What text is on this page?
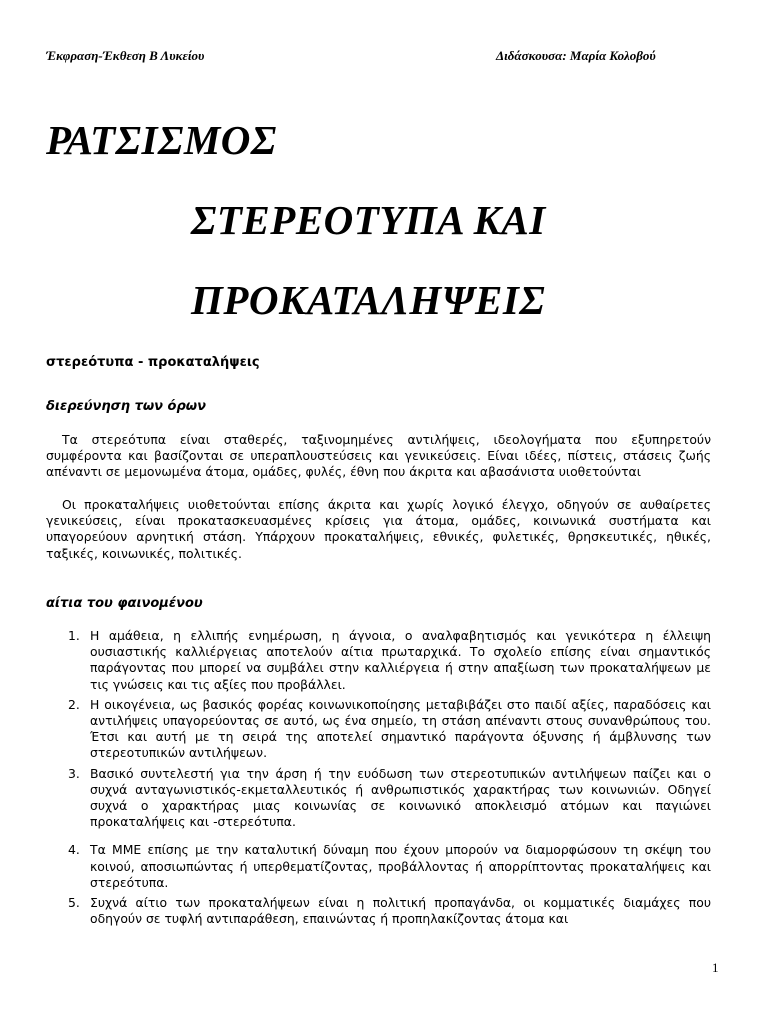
Έκφραση-Έκθεση Β Λυκείου	Διδάσκουσα: Μαρία Κολοβού
ΡΑΤΣΙΣΜΟΣ
ΣΤΕΡΕΟΤΥΠΑ ΚΑΙ
ΠΡΟΚΑΤΑΛΗΨΕΙΣ
στερεότυπα - προκαταλήψεις
διερεύνηση των όρων

Τα στερεότυπα είναι σταθερές, ταξινομημένες αντιλήψεις, ιδεολογήματα που εξυπηρετούν συμφέροντα και βασίζονται σε υπεραπλουστεύσεις και γενικεύσεις. Είναι ιδέες, πίστεις, στάσεις ζωής απέναντι σε μεμονωμένα άτομα, ομάδες, φυλές, έθνη που άκριτα και αβασάνιστα υιοθετούνται

Οι προκαταλήψεις υιοθετούνται επίσης άκριτα και χωρίς λογικό έλεγχο, οδηγούν σε αυθαίρετες γενικεύσεις, είναι προκατασκευασμένες κρίσεις για άτομα, ομάδες, κοινωνικά συστήματα και υπαγορεύουν αρνητική στάση. Υπάρχουν προκαταλήψεις, εθνικές, φυλετικές, θρησκευτικές, ηθικές, ταξικές, κοινωνικές, πολιτικές.

αίτια του φαινομένου
1. Η αμάθεια, η ελλιπής ενημέρωση, η άγνοια, ο αναλφαβητισμός και γενικότερα η έλλειψη ουσιαστικής καλλιέργειας αποτελούν αίτια πρωταρχικά. Το σχολείο επίσης είναι σημαντικός παράγοντας που μπορεί να συμβάλει στην καλλιέργεια ή στην απαξίωση των προκαταλήψεων με τις γνώσεις και τις αξίες που προβάλλει.
2. Η οικογένεια, ως βασικός φορέας κοινωνικοποίησης μεταβιβάζει στο παιδί αξίες, παραδόσεις και αντιλήψεις υπαγορεύοντας σε αυτό, ως ένα σημείο, τη στάση απέναντι στους συνανθρώπους του. Έτσι και αυτή με τη σειρά της αποτελεί σημαντικό παράγοντα όξυνσης ή άμβλυνσης των στερεοτυπικών αντιλήψεων.
3. Βασικό συντελεστή για την άρση ή την ευόδωση των στερεοτυπικών αντιλήψεων παίζει και ο συχνά ανταγωνιστικός-εκμεταλλευτικός ή ανθρωπιστικός χαρακτήρας των κοινωνιών. Οδηγεί συχνά ο χαρακτήρας μιας κοινωνίας σε κοινωνικό αποκλεισμό ατόμων και παγιώνει προκαταλήψεις και -στερεότυπα.
4. Τα ΜΜΕ επίσης με την καταλυτική δύναμη που έχουν μπορούν να διαμορφώσουν τη σκέψη του κοινού, αποσιωπώντας ή υπερθεματίζοντας, προβάλλοντας ή απορρίπτοντας προκαταλήψεις και στερεότυπα.
5. Συχνά αίτιο των προκαταλήψεων είναι η πολιτική προπαγάνδα, οι κομματικές διαμάχες που οδηγούν σε τυφλή αντιπαράθεση, επαινώντας ή προπηλακίζοντας άτομα και
1
